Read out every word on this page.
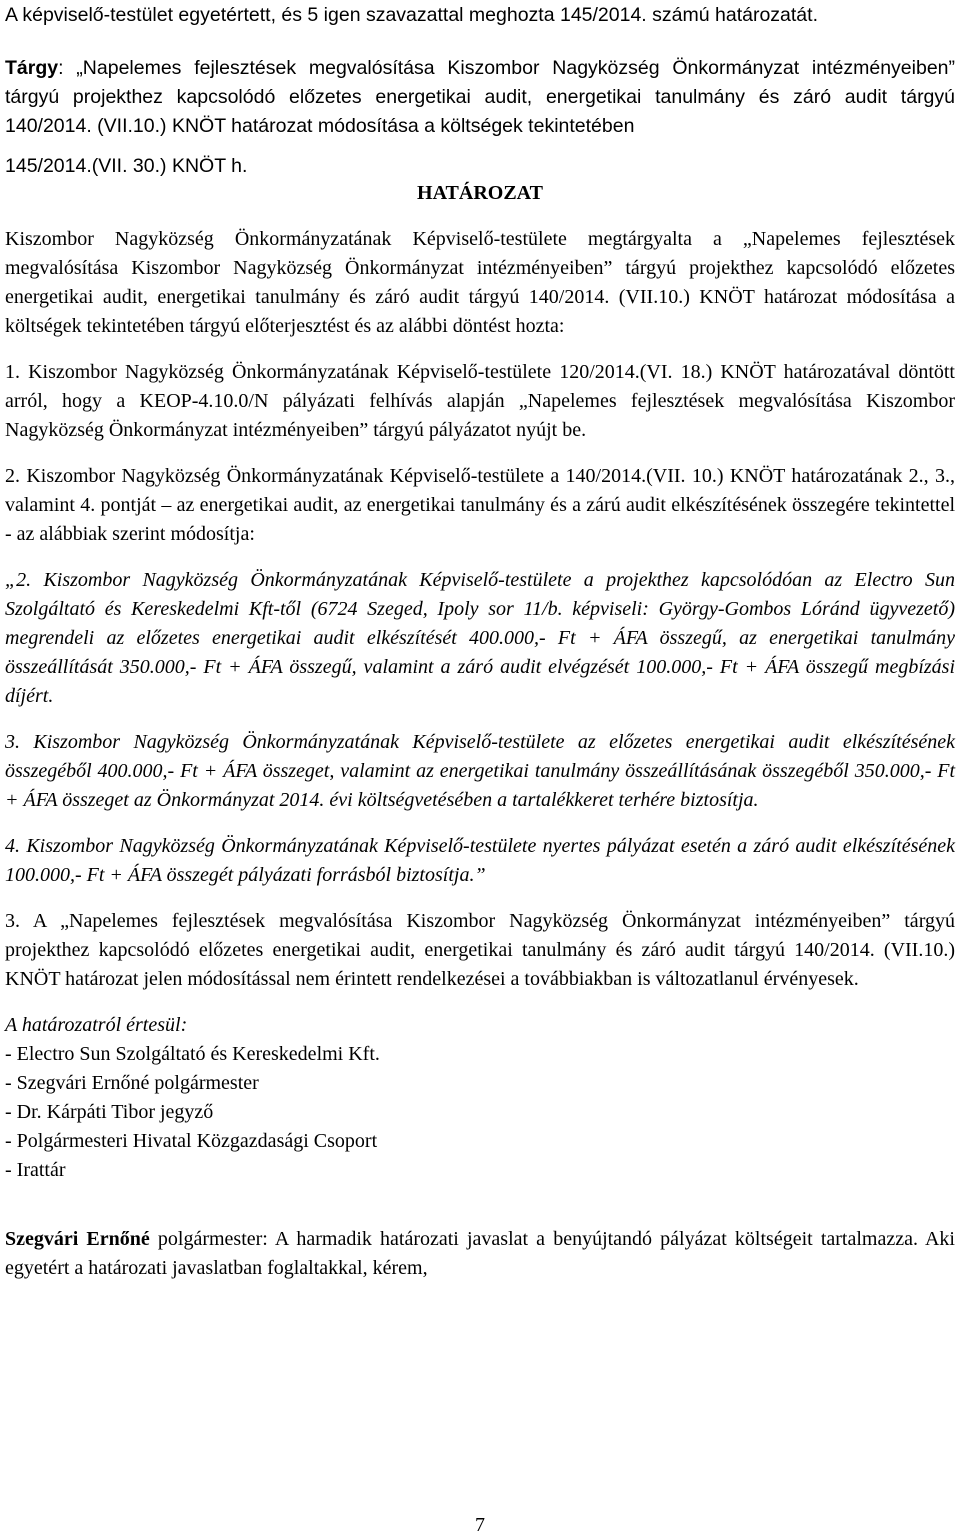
A képviselő-testület egyetértett, és 5 igen szavazattal meghozta 145/2014. számú határozatát.

Tárgy: „Napelemes fejlesztések megvalósítása Kiszombor Nagyközség Önkormányzat intézményeiben” tárgyú projekthez kapcsolódó előzetes energetikai audit, energetikai tanulmány és záró audit tárgyú 140/2014. (VII.10.) KNÖT határozat módosítása a költségek tekintetében

145/2014.(VII. 30.) KNÖT h.

HATÁROZAT

Kiszombor Nagyközség Önkormányzatának Képviselő-testülete megtárgyalta a „Napelemes fejlesztések megvalósítása Kiszombor Nagyközség Önkormányzat intézményeiben” tárgyú projekthez kapcsolódó előzetes energetikai audit, energetikai tanulmány és záró audit tárgyú 140/2014. (VII.10.) KNÖT határozat módosítása a költségek tekintetében tárgyú előterjesztést és az alábbi döntést hozta:

1. Kiszombor Nagyközség Önkormányzatának Képviselő-testülete 120/2014.(VI. 18.) KNÖT határozatával döntött arról, hogy a KEOP-4.10.0/N pályázati felhívás alapján „Napelemes fejlesztések megvalósítása Kiszombor Nagyközség Önkormányzat intézményeiben” tárgyú pályázatot nyújt be.

2. Kiszombor Nagyközség Önkormányzatának Képviselő-testülete a 140/2014.(VII. 10.) KNÖT határozatának 2., 3., valamint 4. pontját – az energetikai audit, az energetikai tanulmány és a zárú audit elkészítésének összegére tekintettel - az alábbiak szerint módosítja:

„2. Kiszombor Nagyközség Önkormányzatának Képviselő-testülete a projekthez kapcsolódóan az Electro Sun Szolgáltató és Kereskedelmi Kft-től (6724 Szeged, Ipoly sor 11/b. képviseli: György-Gombos Lóránd ügyvezető) megrendeli az előzetes energetikai audit elkészítését 400.000,- Ft + ÁFA összegű, az energetikai tanulmány összeállítását 350.000,- Ft + ÁFA összegű, valamint a záró audit elvégzését 100.000,- Ft + ÁFA összegű megbízási díjért.

3. Kiszombor Nagyközség Önkormányzatának Képviselő-testülete az előzetes energetikai audit elkészítésének összegéből 400.000,- Ft + ÁFA összeget, valamint az energetikai tanulmány összeállításának összegéből 350.000,- Ft + ÁFA összeget az Önkormányzat 2014. évi költségvetésében a tartalékkeret terhére biztosítja.

4. Kiszombor Nagyközség Önkormányzatának Képviselő-testülete nyertes pályázat esetén a záró audit elkészítésének 100.000,- Ft + ÁFA összegét pályázati forrásból biztosítja.”

3. A „Napelemes fejlesztések megvalósítása Kiszombor Nagyközség Önkormányzat intézményeiben” tárgyú projekthez kapcsolódó előzetes energetikai audit, energetikai tanulmány és záró audit tárgyú 140/2014. (VII.10.) KNÖT határozat jelen módosítással nem érintett rendelkezései a továbbiakban is változatlanul érvényesek.

A határozatról értesül:
- Electro Sun Szolgáltató és Kereskedelmi Kft.
- Szegvári Ernőné polgármester
- Dr. Kárpáti Tibor jegyző
- Polgármesteri Hivatal Közgazdasági Csoport
- Irattár

Szegvári Ernőné polgármester: A harmadik határozati javaslat a benyújtandó pályázat költségeit tartalmazza. Aki egyetért a határozati javaslatban foglaltakkal, kérem,

7
